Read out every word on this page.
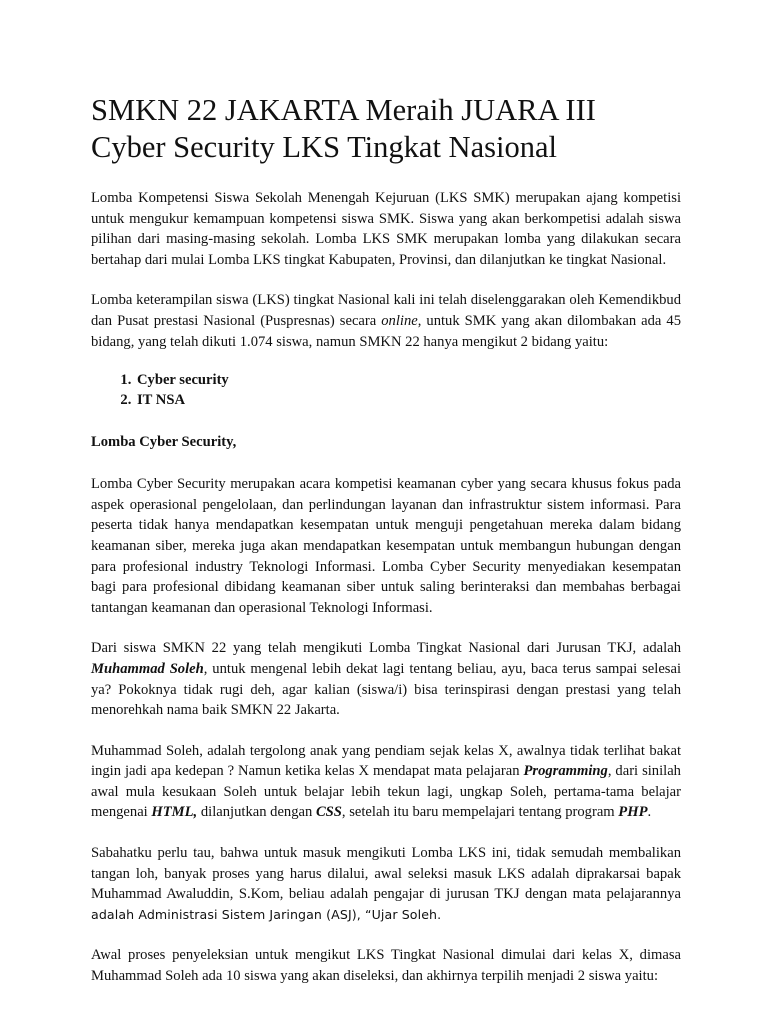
SMKN 22 JAKARTA Meraih JUARA III
Cyber Security LKS Tingkat Nasional

Lomba Kompetensi Siswa Sekolah Menengah Kejuruan (LKS SMK) merupakan ajang kompetisi untuk mengukur kemampuan kompetensi siswa SMK. Siswa yang akan berkompetisi adalah siswa pilihan dari masing-masing sekolah. Lomba LKS SMK merupakan lomba yang dilakukan secara bertahap dari mulai Lomba LKS tingkat Kabupaten, Provinsi, dan dilanjutkan ke tingkat Nasional.

Lomba keterampilan siswa (LKS) tingkat Nasional kali ini telah diselenggarakan oleh Kemendikbud dan Pusat prestasi Nasional (Puspresnas) secara online, untuk SMK yang akan dilombakan ada 45 bidang, yang telah dikuti 1.074 siswa, namun SMKN 22 hanya mengikut 2 bidang yaitu:

1. Cyber security
2. IT NSA
Lomba Cyber Security,

Lomba Cyber Security merupakan acara kompetisi keamanan cyber yang secara khusus fokus pada aspek operasional pengelolaan, dan perlindungan layanan dan infrastruktur sistem informasi. Para peserta tidak hanya mendapatkan kesempatan untuk menguji pengetahuan mereka dalam bidang keamanan siber, mereka juga akan mendapatkan kesempatan untuk membangun hubungan dengan para profesional industry Teknologi Informasi. Lomba Cyber Security menyediakan kesempatan bagi para profesional dibidang keamanan siber untuk saling berinteraksi dan membahas berbagai tantangan keamanan dan operasional Teknologi Informasi.

Dari siswa SMKN 22 yang telah mengikuti Lomba Tingkat Nasional dari Jurusan TKJ, adalah Muhammad Soleh, untuk mengenal lebih dekat lagi tentang beliau, ayu, baca terus sampai selesai ya? Pokoknya tidak rugi deh, agar kalian (siswa/i) bisa terinspirasi dengan prestasi yang telah menorehkah nama baik SMKN 22 Jakarta.

Muhammad Soleh, adalah tergolong anak yang pendiam sejak kelas X, awalnya tidak terlihat bakat ingin jadi apa kedepan ? Namun ketika kelas X mendapat mata pelajaran Programming, dari sinilah awal mula kesukaan Soleh untuk belajar lebih tekun lagi, ungkap Soleh, pertama-tama belajar mengenai HTML, dilanjutkan dengan CSS, setelah itu baru mempelajari tentang program PHP.

Sabahatku perlu tau, bahwa untuk masuk mengikuti Lomba LKS ini, tidak semudah membalikan tangan loh, banyak proses yang harus dilalui, awal seleksi masuk LKS adalah diprakarsai bapak Muhammad Awaluddin, S.Kom, beliau adalah pengajar di jurusan TKJ dengan mata pelajarannya adalah Administrasi Sistem Jaringan (ASJ), “Ujar Soleh.

Awal proses penyeleksian untuk mengikut LKS Tingkat Nasional dimulai dari kelas X, dimasa Muhammad Soleh ada 10 siswa yang akan diseleksi, dan akhirnya terpilih menjadi 2 siswa yaitu:
